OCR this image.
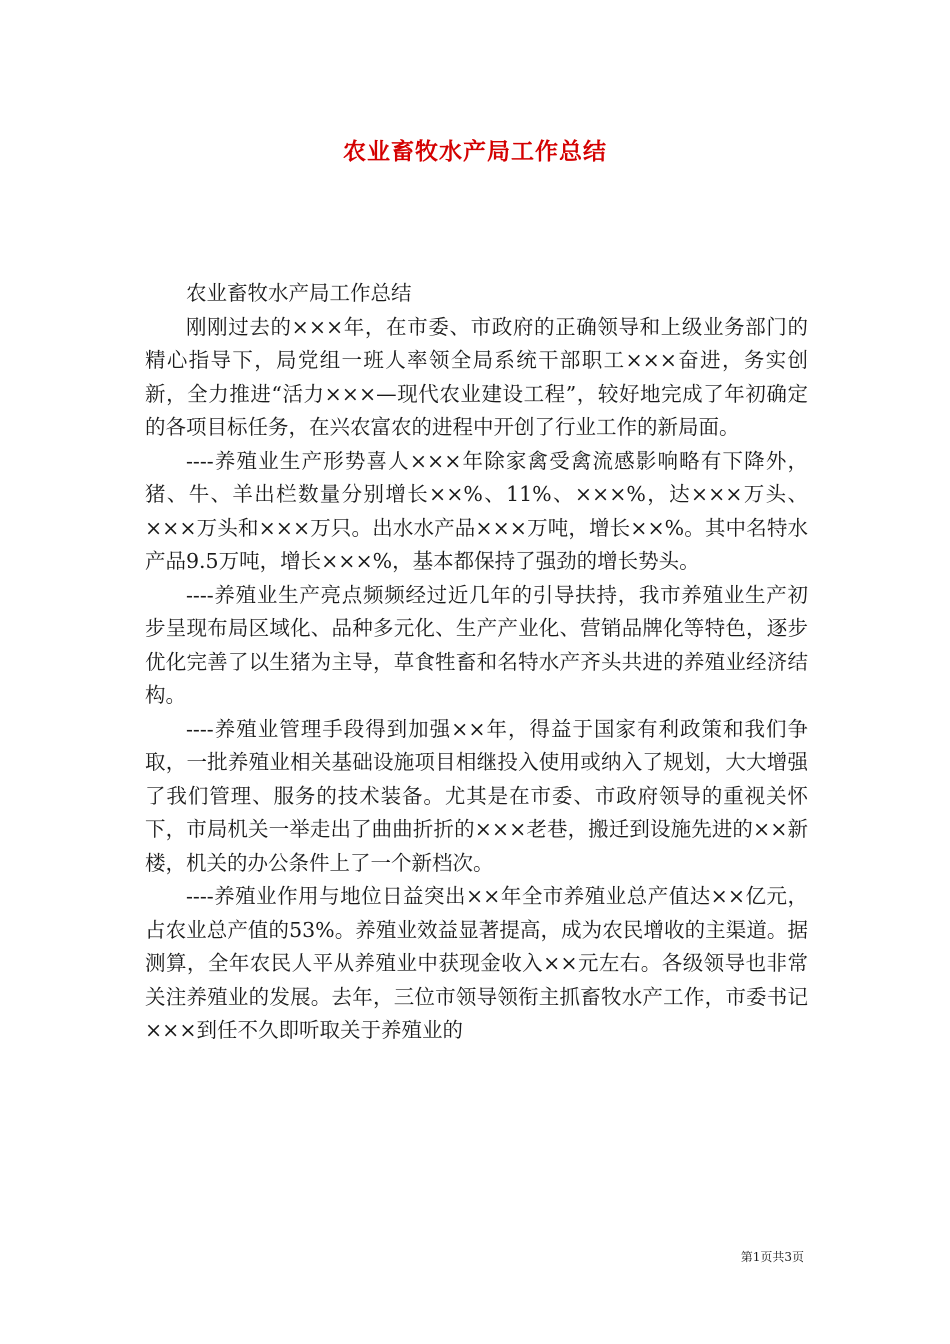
农业畜牧水产局工作总结

农业畜牧水产局工作总结

刚刚过去的×××年，在市委、市政府的正确领导和上级业务部门的精心指导下，局党组一班人率领全局系统干部职工×××奋进，务实创新，全力推进“活力×××—现代农业建设工程”，较好地完成了年初确定的各项目标任务，在兴农富农的进程中开创了行业工作的新局面。

----养殖业生产形势喜人×××年除家禽受禽流感影响略有下降外，猪、牛、羊出栏数量分别增长××%、11%、×××%，达×××万头、×××万头和×××万只。出水水产品×××万吨，增长××%。其中名特水产品9.5万吨，增长×××%，基本都保持了强劲的增长势头。

----养殖业生产亮点频频经过近几年的引导扶持，我市养殖业生产初步呈现布局区域化、品种多元化、生产产业化、营销品牌化等特色，逐步优化完善了以生猪为主导，草食牲畜和名特水产齐头共进的养殖业经济结构。

----养殖业管理手段得到加强××年，得益于国家有利政策和我们争取，一批养殖业相关基础设施项目相继投入使用或纳入了规划，大大增强了我们管理、服务的技术装备。尤其是在市委、市政府领导的重视关怀下，市局机关一举走出了曲曲折折的×××老巷，搬迁到设施先进的××新楼，机关的办公条件上了一个新档次。

----养殖业作用与地位日益突出××年全市养殖业总产值达××亿元，占农业总产值的53%。养殖业效益显著提高，成为农民增收的主渠道。据测算，全年农民人平从养殖业中获现金收入××元左右。各级领导也非常关注养殖业的发展。去年，三位市领导领衔主抓畜牧水产工作，市委书记×××到任不久即听取关于养殖业的

第1页共3页
